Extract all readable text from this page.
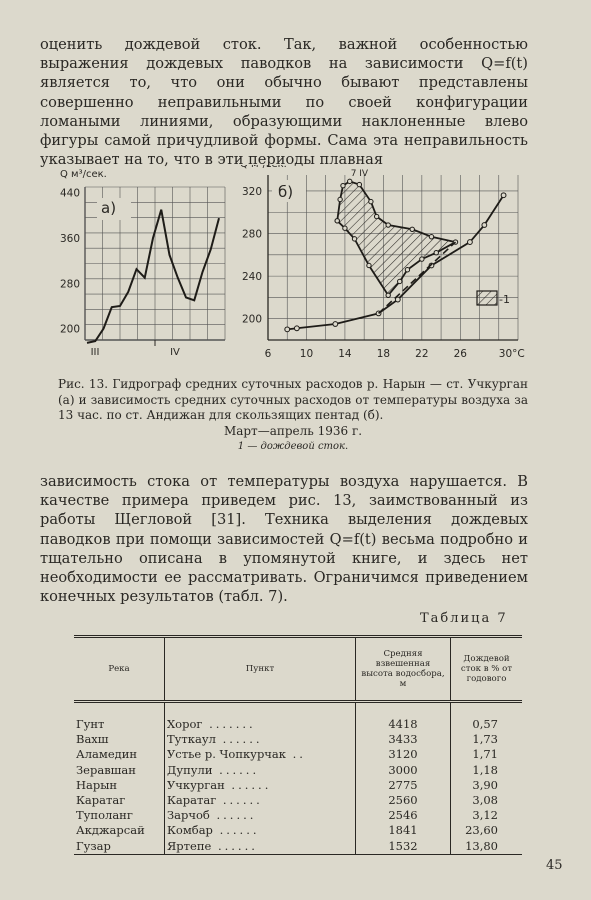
оценить дождевой сток. Так, важной особенностью выражения дождевых паводков на зависимости Q=f(t) является то, что они обычно бывают представлены совершенно неправильными по своей конфигурации ломаными линиями, образующими наклоненные влево фигуры самой причудливой формы. Сама эта неправильность указывает на то, что в эти периоды плавная

440
360
280
200
Q м³/сек.
а)
III	IV
320
280
240
200
6	10 14 18 22 26	30°C
б)
7 IV
-1

Рис. 13. Гидрограф средних суточных расходов р. Нарын — ст. Учкурган (а) и зависимость средних суточных расходов от температуры воздуха за 13 час. по ст. Андижан для скользящих пентад (б).
Март—апрель 1936 г.
1 — дождевой сток.

зависимость стока от температуры воздуха нарушается. В качестве примера приведем рис. 13, заимствованный из работы Щегловой [31]. Техника выделения дождевых паводков при помощи зависимостей Q=f(t) весьма подробно и тщательно описана в упомянутой книге, и здесь нет необходимости ее рассматривать. Ограничимся приведением конечных результатов (табл. 7).

Таблица 7
Река	Пункт	Средняя взвешенная высота водосбора, м	Дождевой сток в % от годового
Гунт	Хорог .......	4418	0,57
Вахш	Туткаул ......	3433	1,73
Аламедин	Устье р. Чопкурчак ..	3120	1,71
Зеравшан	Дупули ......	3000	1,18
Нарын	Учкурган ......	2775	3,90
Каратаг	Каратаг ......	2560	3,08
Туполанг	Зарчоб ......	2546	3,12
Акджарсай	Комбар ......	1841	23,60
Гузар	Яртепе ......	1532	13,80
45
